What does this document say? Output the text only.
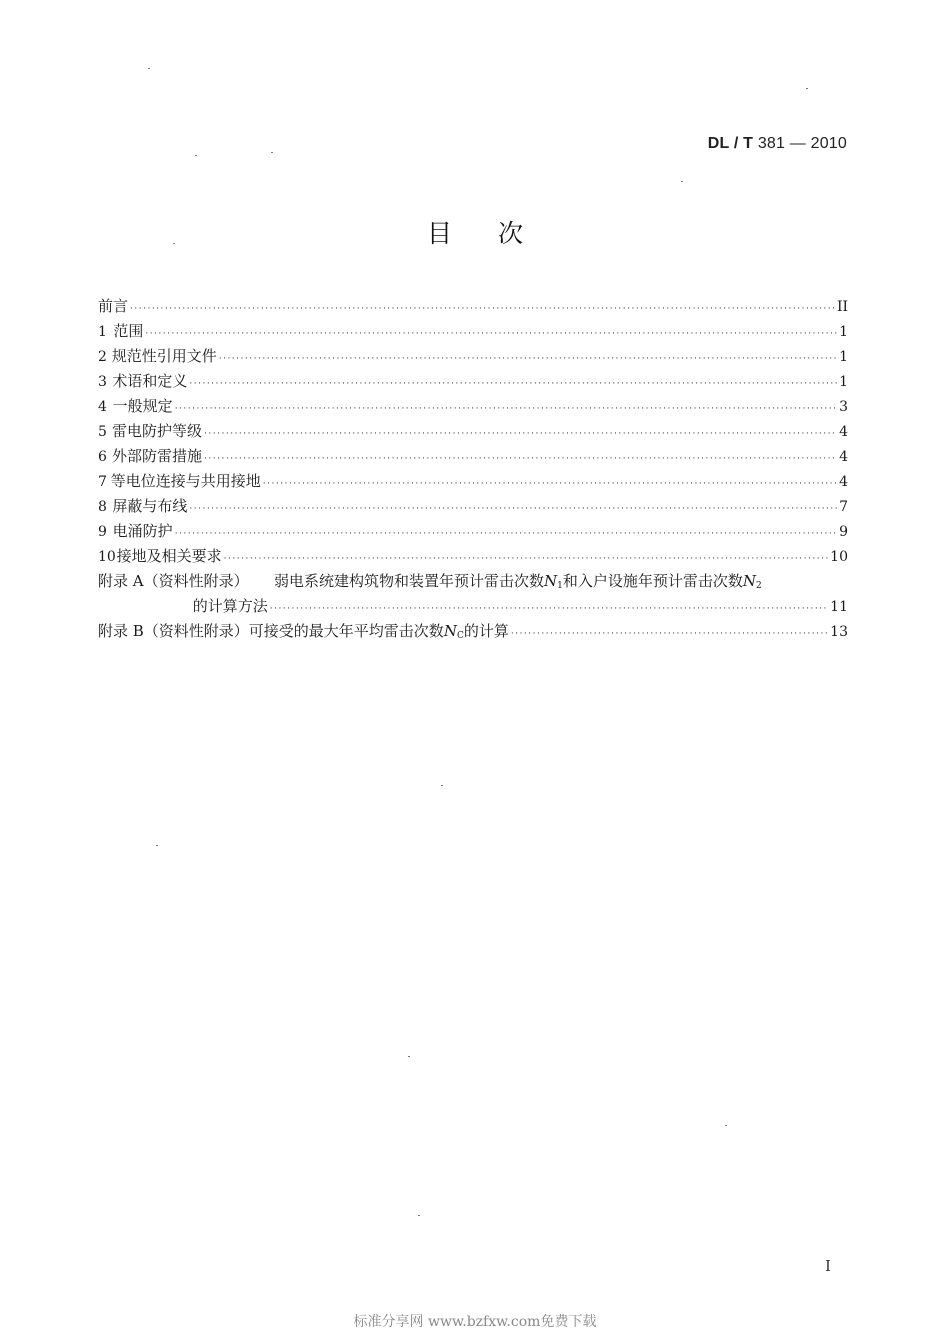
DL / T 381 — 2010
目次
前言 ·····	II
1 范围 ·····	1
2 规范性引用文件 ·····	1
3 术语和定义 ·····	1
4 一般规定 ·····	3
5 雷电防护等级 ·····	4
6 外部防雷措施 ·····	4
7 等电位连接与共用接地 ·····	4
8 屏蔽与布线 ·····	7
9 电涌防护 ·····	9
10 接地及相关要求 ·····	10
附录 A（资料性附录）	弱电系统建构筑物和装置年预计雷击次数$N_1$和入户设施年预计雷击次数$N_2$
的计算方法 ·····	11
附录 B（资料性附录） 可接受的最大年平均雷击次数$N_C$的计算 ·····	13
I
标准分享网 www.bzfxw.com免费下载
